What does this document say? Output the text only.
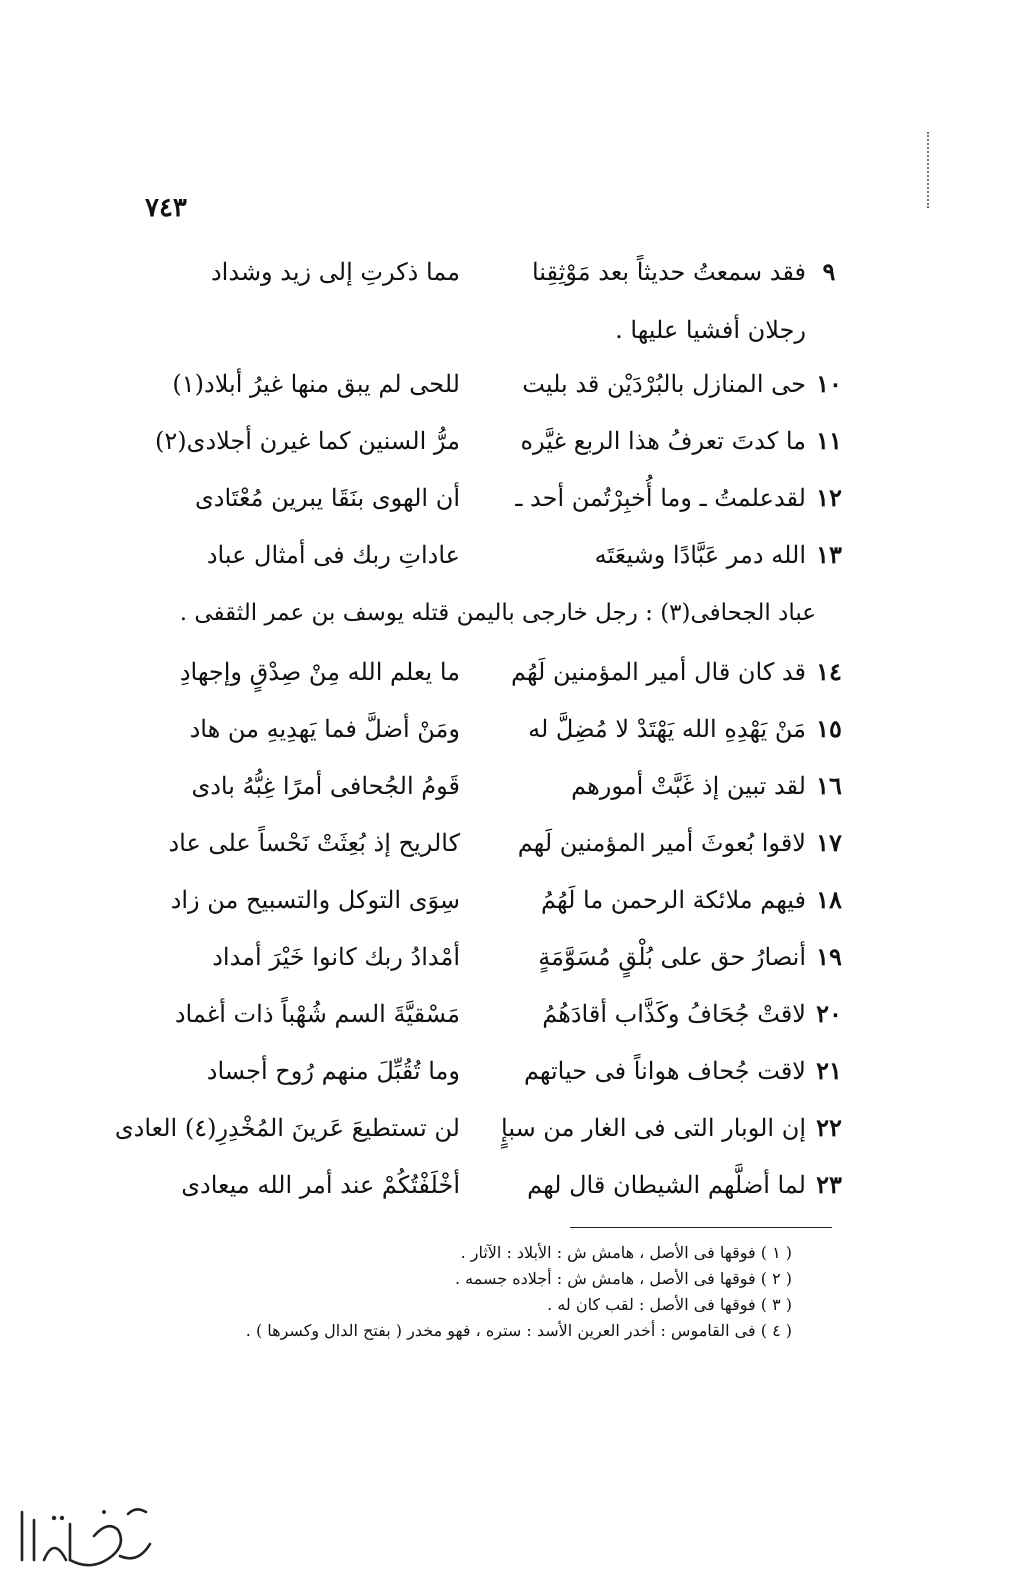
٧٤٣
٩
فقد سمعتُ حديثاً بعد مَوْثِقِنا
مما ذكرتِ إلى زيد وشداد
رجلان أفشيا عليها .
١٠
حى المنازل بالبُرْدَيْن قد بليت
للحى لم يبق منها غيرُ أبلاد(١)
١١
ما كدتَ تعرفُ هذا الربع غيَّره
مرُّ السنين كما غيرن أجلادى(٢)
١٢
لقدعلمتُ ـ وما أُخبِرْتُمن أحد ـ
أن الهوى بنَقَا يبرين مُعْتَادى
١٣
الله دمر عَبَّادًا وشيعَتَه
عاداتِ ربك فى أمثال عباد
عباد الجحافى(٣) : رجل خارجى باليمن قتله يوسف بن عمر الثقفى .
١٤
قد كان قال أمير المؤمنين لَهُم
ما يعلم الله مِنْ صِدْقٍ وإجهادِ
١٥
مَنْ يَهْدِهِ الله يَهْتَدْ لا مُضِلَّ له
ومَنْ أضلَّ فما يَهدِيهِ من هاد
١٦
لقد تبين إذ غَبَّتْ أمورهم
قَومُ الجُحافى أمرًا غِبُّهُ بادى
١٧
لاقوا بُعوثَ أمير المؤمنين لَهم
كالريح إذ بُعِثَتْ نَحْساً على عاد
١٨
فيهم ملائكة الرحمن ما لَهُمُ
سِوَى التوكل والتسبيح من زاد
١٩
أنصارُ حق على بُلْقٍ مُسَوَّمَةٍ
أمْدادُ ربك كانوا خَيْرَ أمداد
٢٠
لاقتْ جُحَافُ وكَذَّاب أقادَهُمُ
مَسْقيَّةَ السم شُهْباً ذات أغماد
٢١
لاقت جُحاف هواناً فى حياتهم
وما تُقُبِّلَ منهم رُوح أجساد
٢٢
إن الوبار التى فى الغار من سبإٍ
لن تستطيعَ عَرينَ المُخْدِرِ(٤) العادى
٢٣
لما أضلَّهم الشيطان قال لهم
أخْلَفْتُكُمْ عند أمر الله ميعادى
( ١ ) فوقها فى الأصل ، هامش ش : الأبلاد : الآثار .
( ٢ ) فوقها فى الأصل ، هامش ش : أجلاده جسمه .
( ٣ ) فوقها فى الأصل : لقب كان له .
( ٤ ) فى القاموس : أخدر العرين الأسد : ستره ، فهو مخدر ( بفتح الدال وكسرها ) .
